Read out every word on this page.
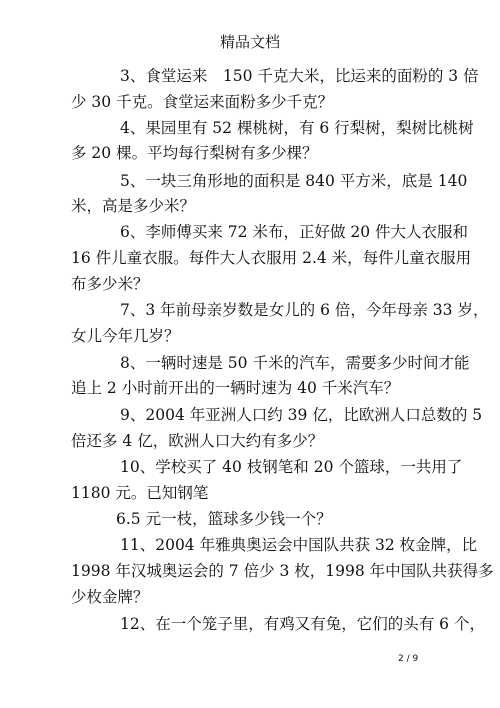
精品文档
3、食堂运来　150 千克大米，比运来的面粉的 3 倍
少 30 千克。食堂运来面粉多少千克？
4、果园里有 52 棵桃树，有 6 行梨树，梨树比桃树
多 20 棵。平均每行梨树有多少棵？
5、一块三角形地的面积是 840 平方米，底是 140
米，高是多少米？
6、李师傅买来 72 米布，正好做 20 件大人衣服和
16 件儿童衣服。每件大人衣服用 2.4 米，每件儿童衣服用
布多少米？
7、3 年前母亲岁数是女儿的 6 倍，今年母亲 33 岁，
女儿今年几岁？
8、一辆时速是 50 千米的汽车，需要多少时间才能
追上 2 小时前开出的一辆时速为 40 千米汽车？
9、2004 年亚洲人口约 39 亿，比欧洲人口总数的 5
倍还多 4 亿，欧洲人口大约有多少？
10、学校买了 40 枝钢笔和 20 个篮球，一共用了
1180 元。已知钢笔
6.5 元一枝，篮球多少钱一个？
11、2004 年雅典奥运会中国队共获 32 枚金牌，比
1998 年汉城奥运会的 7 倍少 3 枚，1998 年中国队共获得多
少枚金牌？
12、在一个笼子里，有鸡又有兔，它们的头有 6 个，
2 / 9
